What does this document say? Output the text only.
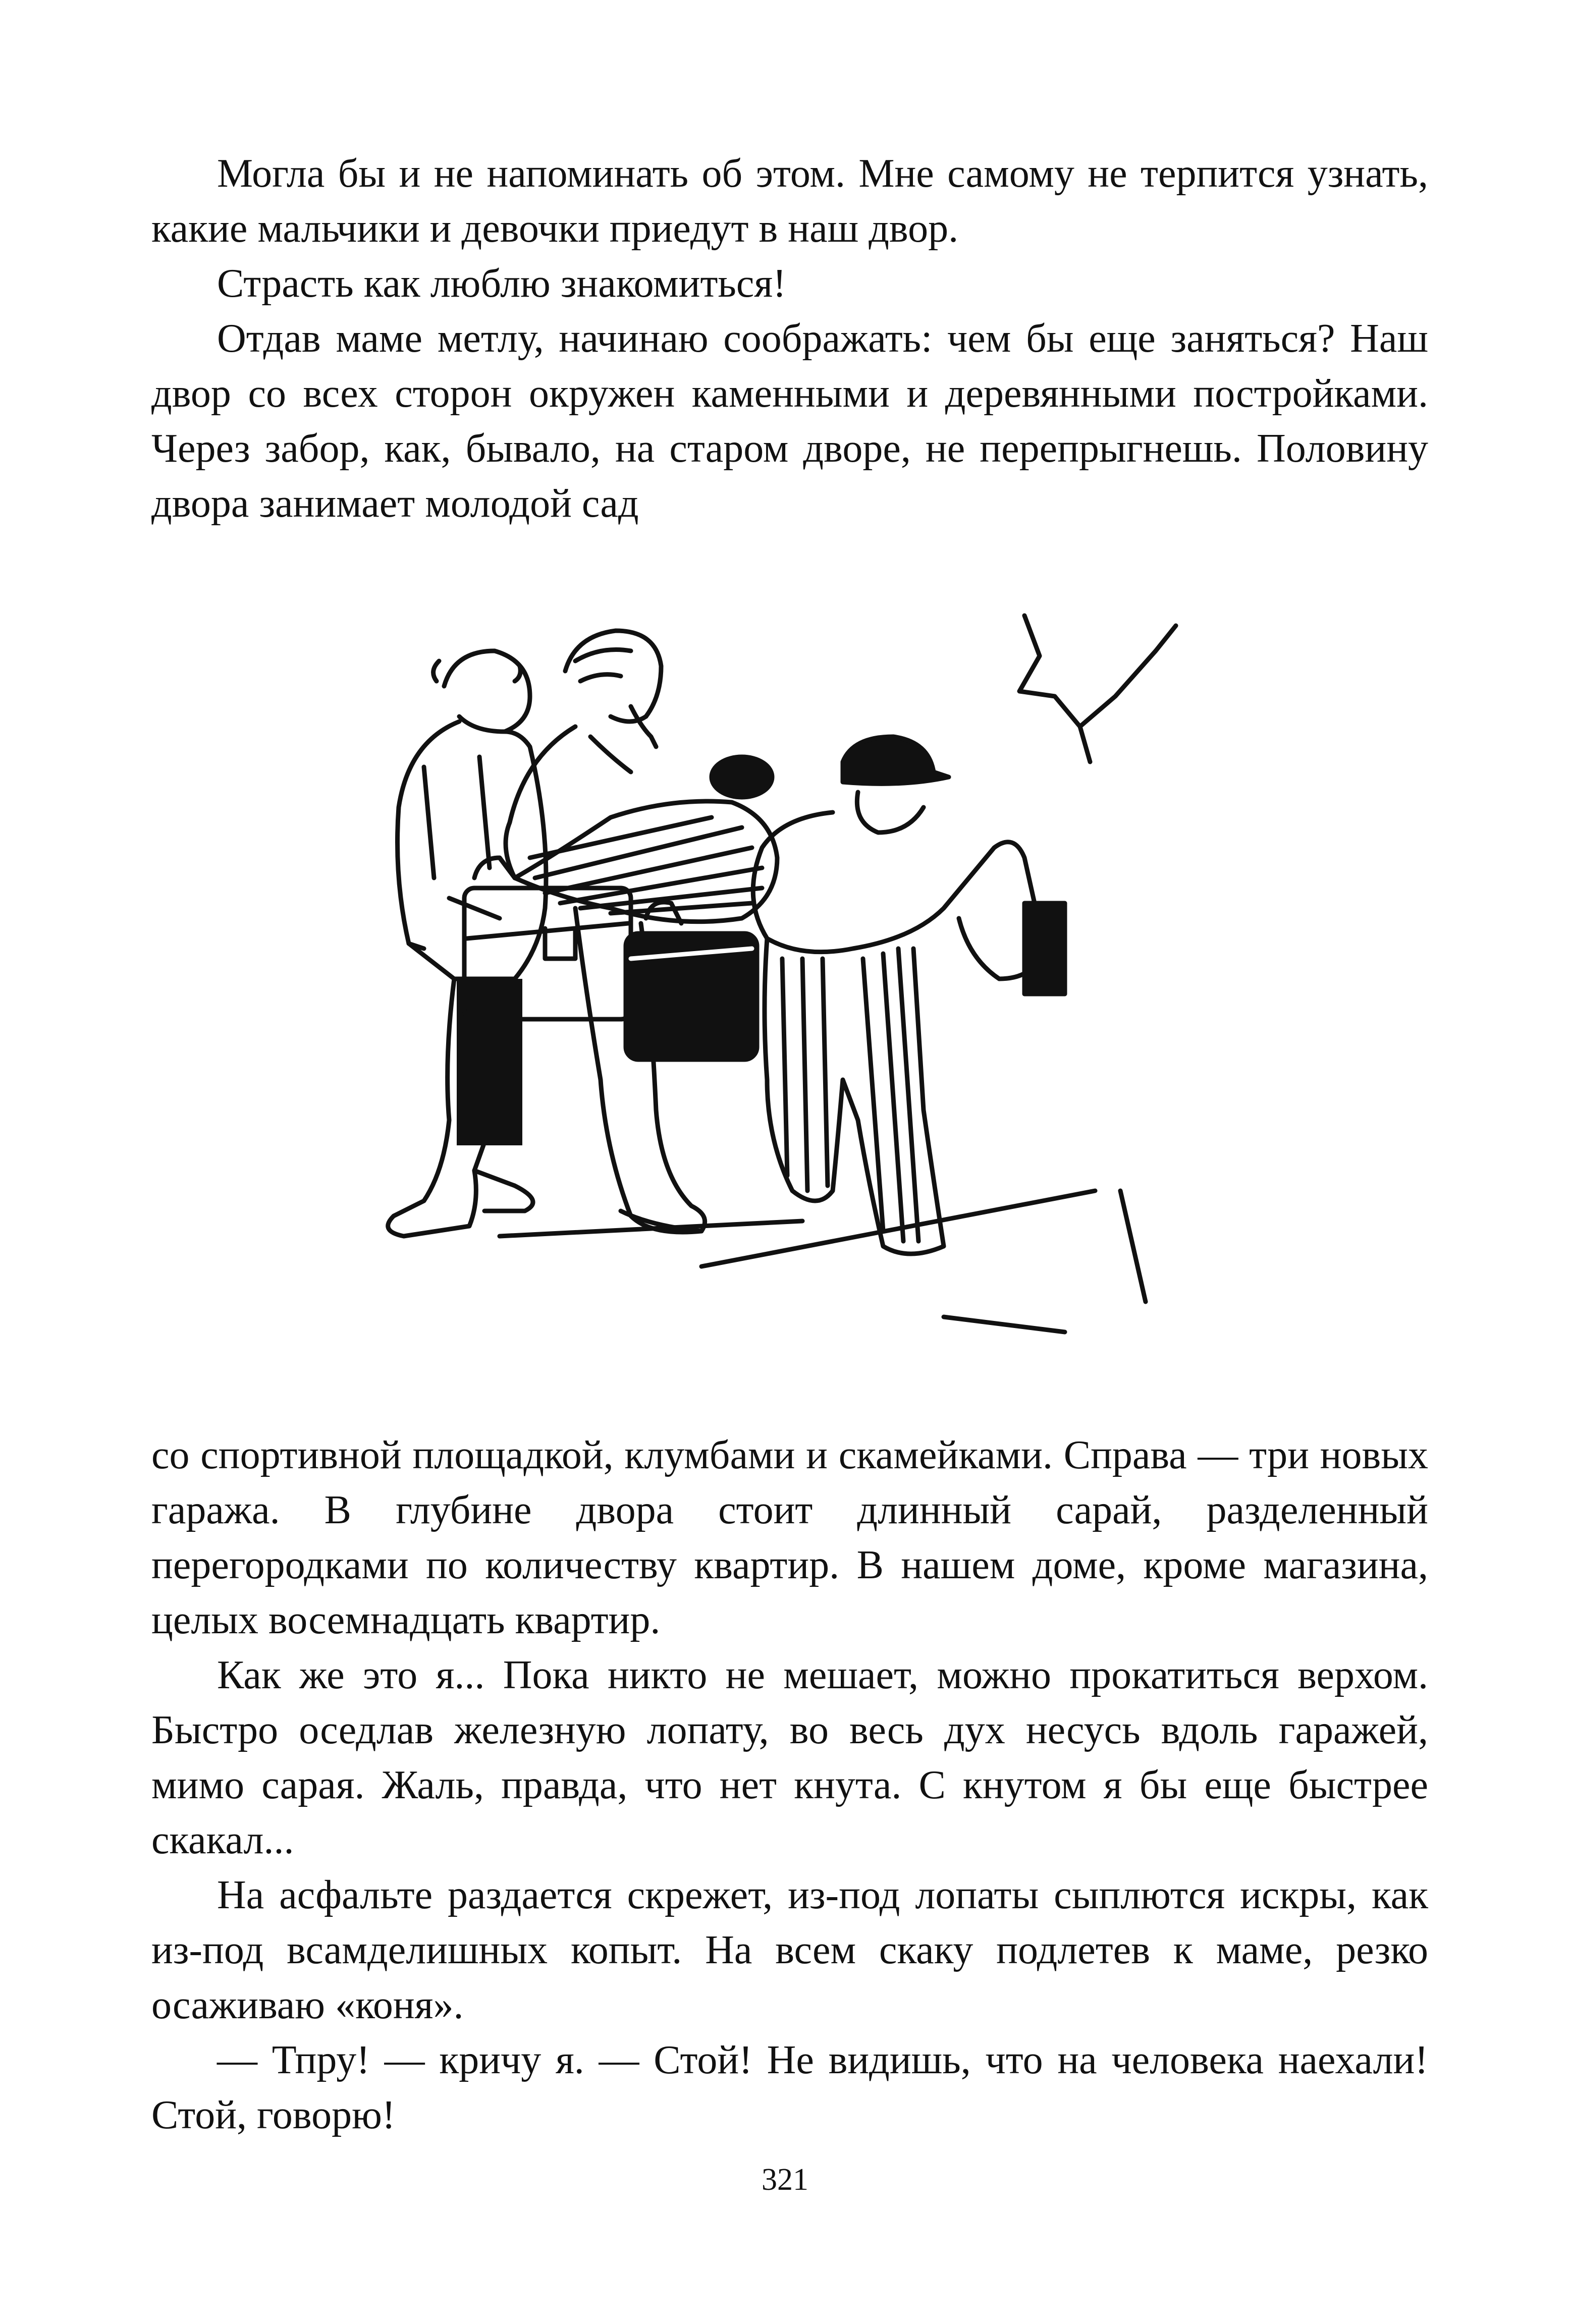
Могла бы и не напоминать об этом. Мне самому не терпится узнать, какие мальчики и девочки приедут в наш двор.

Страсть как люблю знакомиться!

Отдав маме метлу, начинаю соображать: чем бы еще заняться? Наш двор со всех сторон окружен каменными и деревянными постройками. Через забор, как, бывало, на старом дворе, не перепрыгнешь. Половину двора занимает молодой сад

со спортивной площадкой, клумбами и скамейками. Справа — три новых гаража. В глубине двора стоит длинный сарай, разделенный перегородками по количеству квартир. В нашем доме, кроме магазина, целых восемнадцать квартир.

Как же это я... Пока никто не мешает, можно прокатиться верхом. Быстро оседлав железную лопату, во весь дух несусь вдоль гаражей, мимо сарая. Жаль, правда, что нет кнута. С кнутом я бы еще быстрее скакал...

На асфальте раздается скрежет, из-под лопаты сыплются искры, как из-под всамделишных копыт. На всем скаку подлетев к маме, резко осаживаю «коня».

— Тпру! — кричу я. — Стой! Не видишь, что на человека наехали! Стой, говорю!

321
